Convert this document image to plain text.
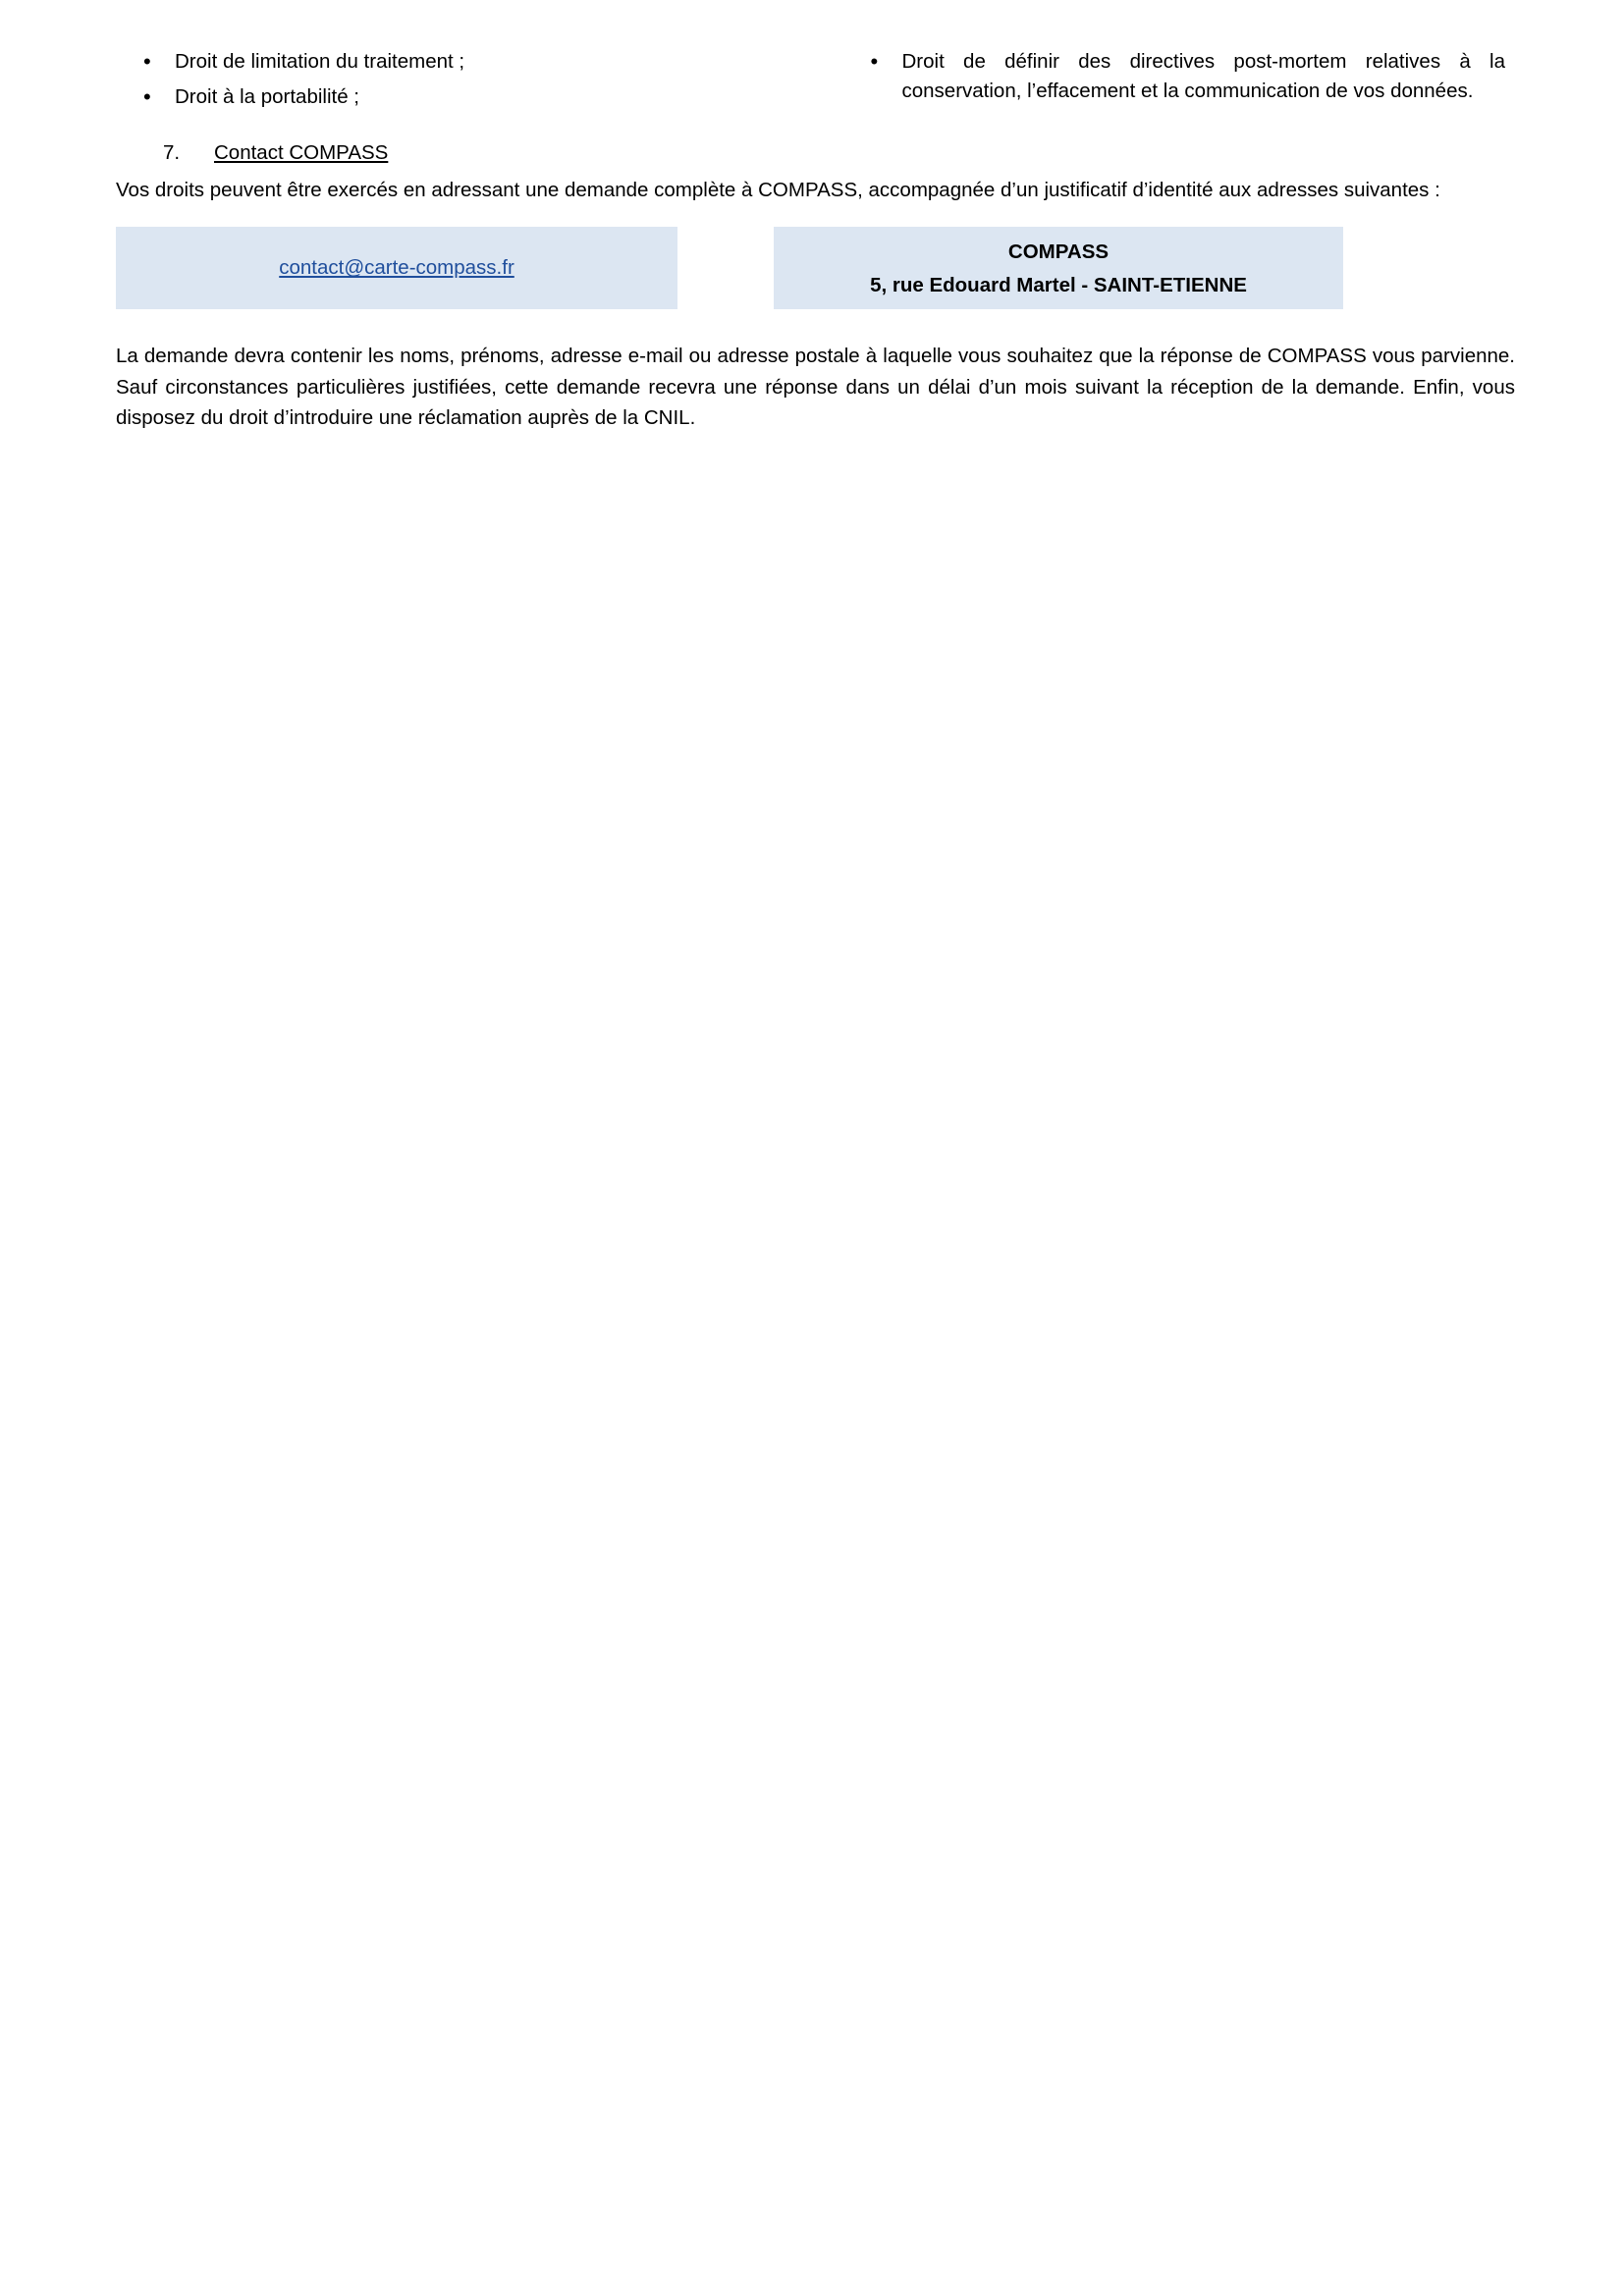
• Droit de limitation du traitement ;
• Droit à la portabilité ;
• Droit de définir des directives post-mortem relatives à la conservation, l’effacement et la communication de vos données.
7.	Contact COMPASS

Vos droits peuvent être exercés en adressant une demande complète à COMPASS, accompagnée d’un justificatif d’identité aux adresses suivantes :

contact@carte-compass.fr
COMPASS
5, rue Edouard Martel - SAINT-ETIENNE

La demande devra contenir les noms, prénoms, adresse e-mail ou adresse postale à laquelle vous souhaitez que la réponse de COMPASS vous parvienne. Sauf circonstances particulières justifiées, cette demande recevra une réponse dans un délai d’un mois suivant la réception de la demande. Enfin, vous disposez du droit d’introduire une réclamation auprès de la CNIL.
